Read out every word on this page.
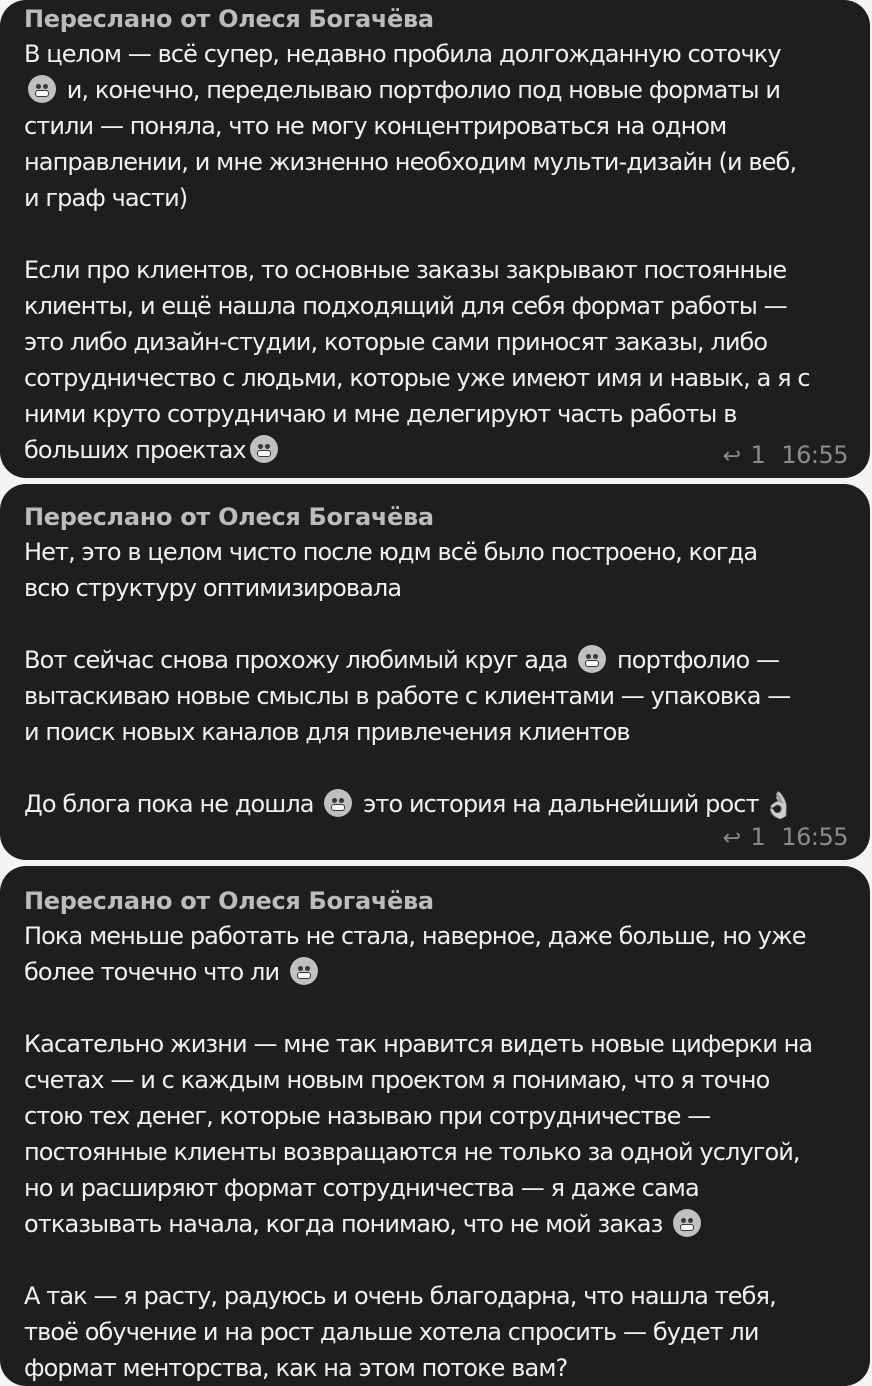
Переслано от Олеся Богачёва
В целом — всё супер, недавно пробила долгожданную соточку
и, конечно, переделываю портфолио под новые форматы и
стили — поняла, что не могу концентрироваться на одном
направлении, и мне жизненно необходим мульти-дизайн (и веб,
и граф части)
Если про клиентов, то основные заказы закрывают постоянные
клиенты, и ещё нашла подходящий для себя формат работы —
это либо дизайн-студии, которые сами приносят заказы, либо
сотрудничество с людьми, которые уже имеют имя и навык, а я с
ними круто сотрудничаю и мне делегируют часть работы в
больших проектах	↩ 1 16:55
Переслано от Олеся Богачёва
Нет, это в целом чисто после юдм всё было построено, когда
всю структуру оптимизировала
Вот сейчас снова прохожу любимый круг ада портфолио —
вытаскиваю новые смыслы в работе с клиентами — упаковка —
и поиск новых каналов для привлечения клиентов
До блога пока не дошла это история на дальнейший рост 👌
↩ 1 16:55
Переслано от Олеся Богачёва
Пока меньше работать не стала, наверное, даже больше, но уже
более точечно что ли
Касательно жизни — мне так нравится видеть новые циферки на
счетах — и с каждым новым проектом я понимаю, что я точно
стою тех денег, которые называю при сотрудничестве —
постоянные клиенты возвращаются не только за одной услугой,
но и расширяют формат сотрудничества — я даже сама
отказывать начала, когда понимаю, что не мой заказ
А так — я расту, радуюсь и очень благодарна, что нашла тебя,
твоё обучение и на рост дальше хотела спросить — будет ли
формат менторства, как на этом потоке вам?
